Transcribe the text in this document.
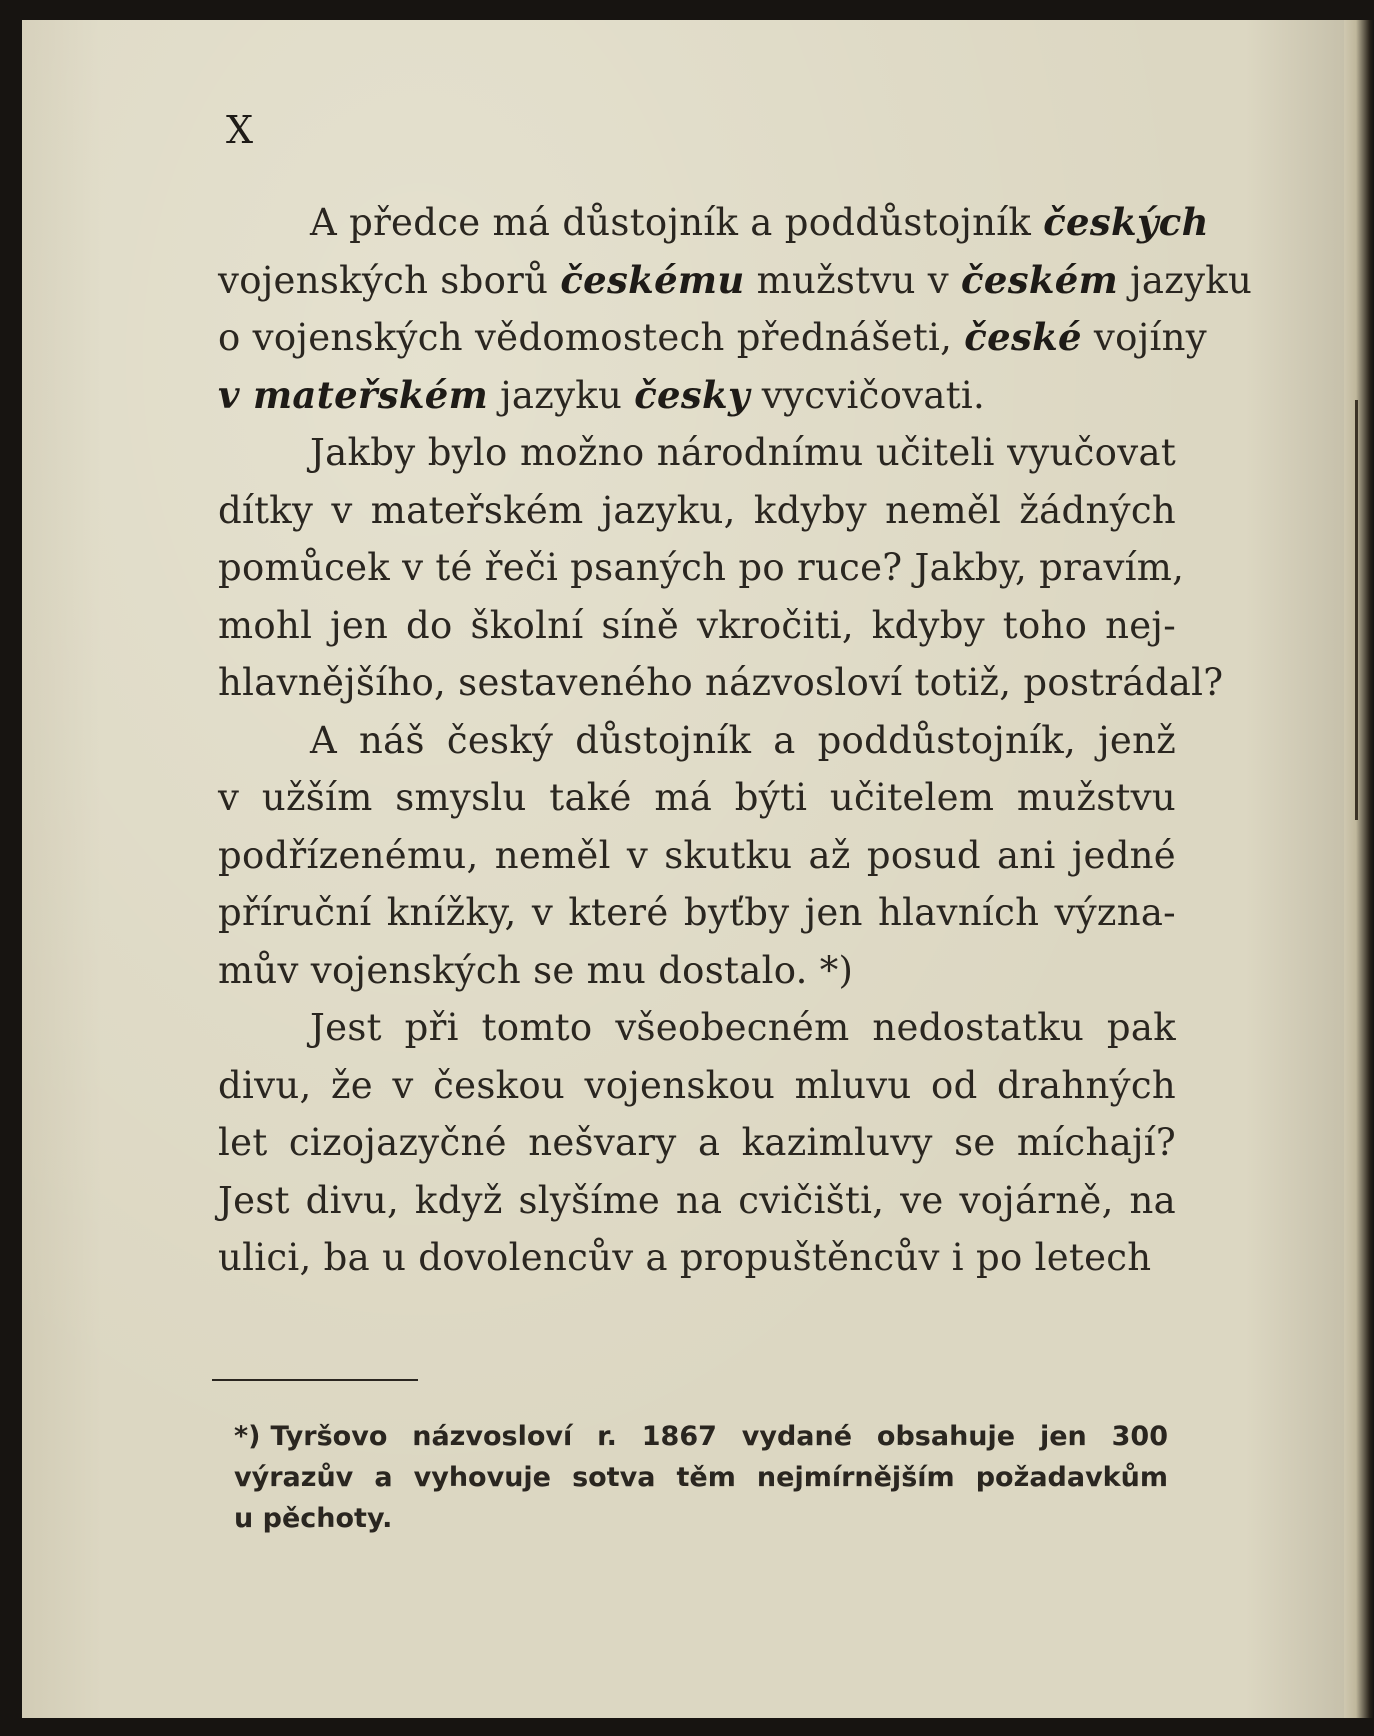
X
A předce má důstojník a poddůstojník českých
vojenských sborů českému mužstvu v českém jazyku
o vojenských vědomostech přednášeti, české vojíny
v mateřském jazyku česky vycvičovati.
Jakby bylo možno národnímu učiteli vyučovat
dítky v mateřském jazyku, kdyby neměl žádných
pomůcek v té řeči psaných po ruce? Jakby, pravím,
mohl jen do školní síně vkročiti, kdyby toho nej-
hlavnějšího, sestaveného názvosloví totiž, postrádal?
A náš český důstojník a poddůstojník, jenž
v užším smyslu také má býti učitelem mužstvu
podřízenému, neměl v skutku až posud ani jedné
příruční knížky, v které byťby jen hlavních význa-
mův vojenských se mu dostalo. *)
Jest při tomto všeobecném nedostatku pak
divu, že v českou vojenskou mluvu od drahných
let cizojazyčné nešvary a kazimluvy se míchají?
Jest divu, když slyšíme na cvičišti, ve vojárně, na
ulici, ba u dovolencův a propuštěncův i po letech
*) Tyršovo názvosloví r. 1867 vydané obsahuje jen 300
výrazův a vyhovuje sotva těm nejmírnějším požadavkům
u pěchoty.
